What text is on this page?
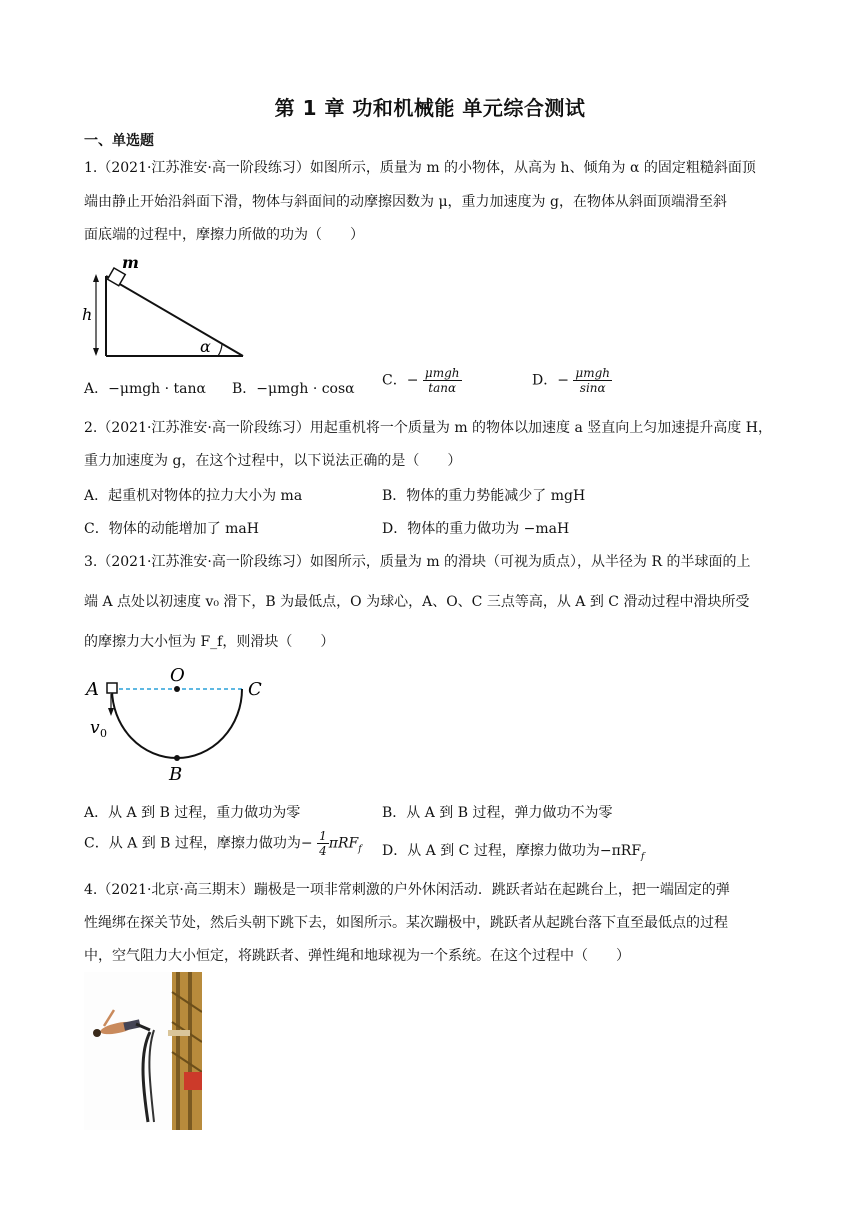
第 1 章 功和机械能 单元综合测试
一、单选题
1.（2021·江苏淮安·高一阶段练习）如图所示，质量为 m 的小物体，从高为 h、倾角为 α 的固定粗糙斜面顶
端由静止开始沿斜面下滑，物体与斜面间的动摩擦因数为 μ，重力加速度为 g，在物体从斜面顶端滑至斜
面底端的过程中，摩擦力所做的功为（　　）
m
h
α
A．−μmgh · tanα B．−μmgh · cosα
C．− $\frac{\text{μmgh}}{\tan\alpha}$	D．− $\frac{\text{μmgh}}{\sin\alpha}$
2.（2021·江苏淮安·高一阶段练习）用起重机将一个质量为 m 的物体以加速度 a 竖直向上匀加速提升高度 H，
重力加速度为 g，在这个过程中，以下说法正确的是（　　）
A．起重机对物体的拉力大小为 ma	B．物体的重力势能减少了 mgH
C．物体的动能增加了 maH	D．物体的重力做功为 −maH
3.（2021·江苏淮安·高一阶段练习）如图所示，质量为 m 的滑块（可视为质点），从半径为 R 的半球面的上
端 A 点处以初速度 v₀ 滑下，B 为最低点，O 为球心，A、O、C 三点等高，从 A 到 C 滑动过程中滑块所受
的摩擦力大小恒为 F_f，则滑块（　　）
A
O
C
B
v 0
A．从 A 到 B 过程，重力做功为零	B．从 A 到 B 过程，弹力做功不为零
C．从 A 到 B 过程，摩擦力做功为− $\frac{1}{4} \pi RF_f$ D．从 A 到 C 过程，摩擦力做功为−πRF$_f$
4.（2021·北京·高三期末）蹦极是一项非常刺激的户外休闲活动．跳跃者站在起跳台上，把一端固定的弹
性绳绑在探关节处，然后头朝下跳下去，如图所示。某次蹦极中，跳跃者从起跳台落下直至最低点的过程
中，空气阻力大小恒定，将跳跃者、弹性绳和地球视为一个系统。在这个过程中（　　）
